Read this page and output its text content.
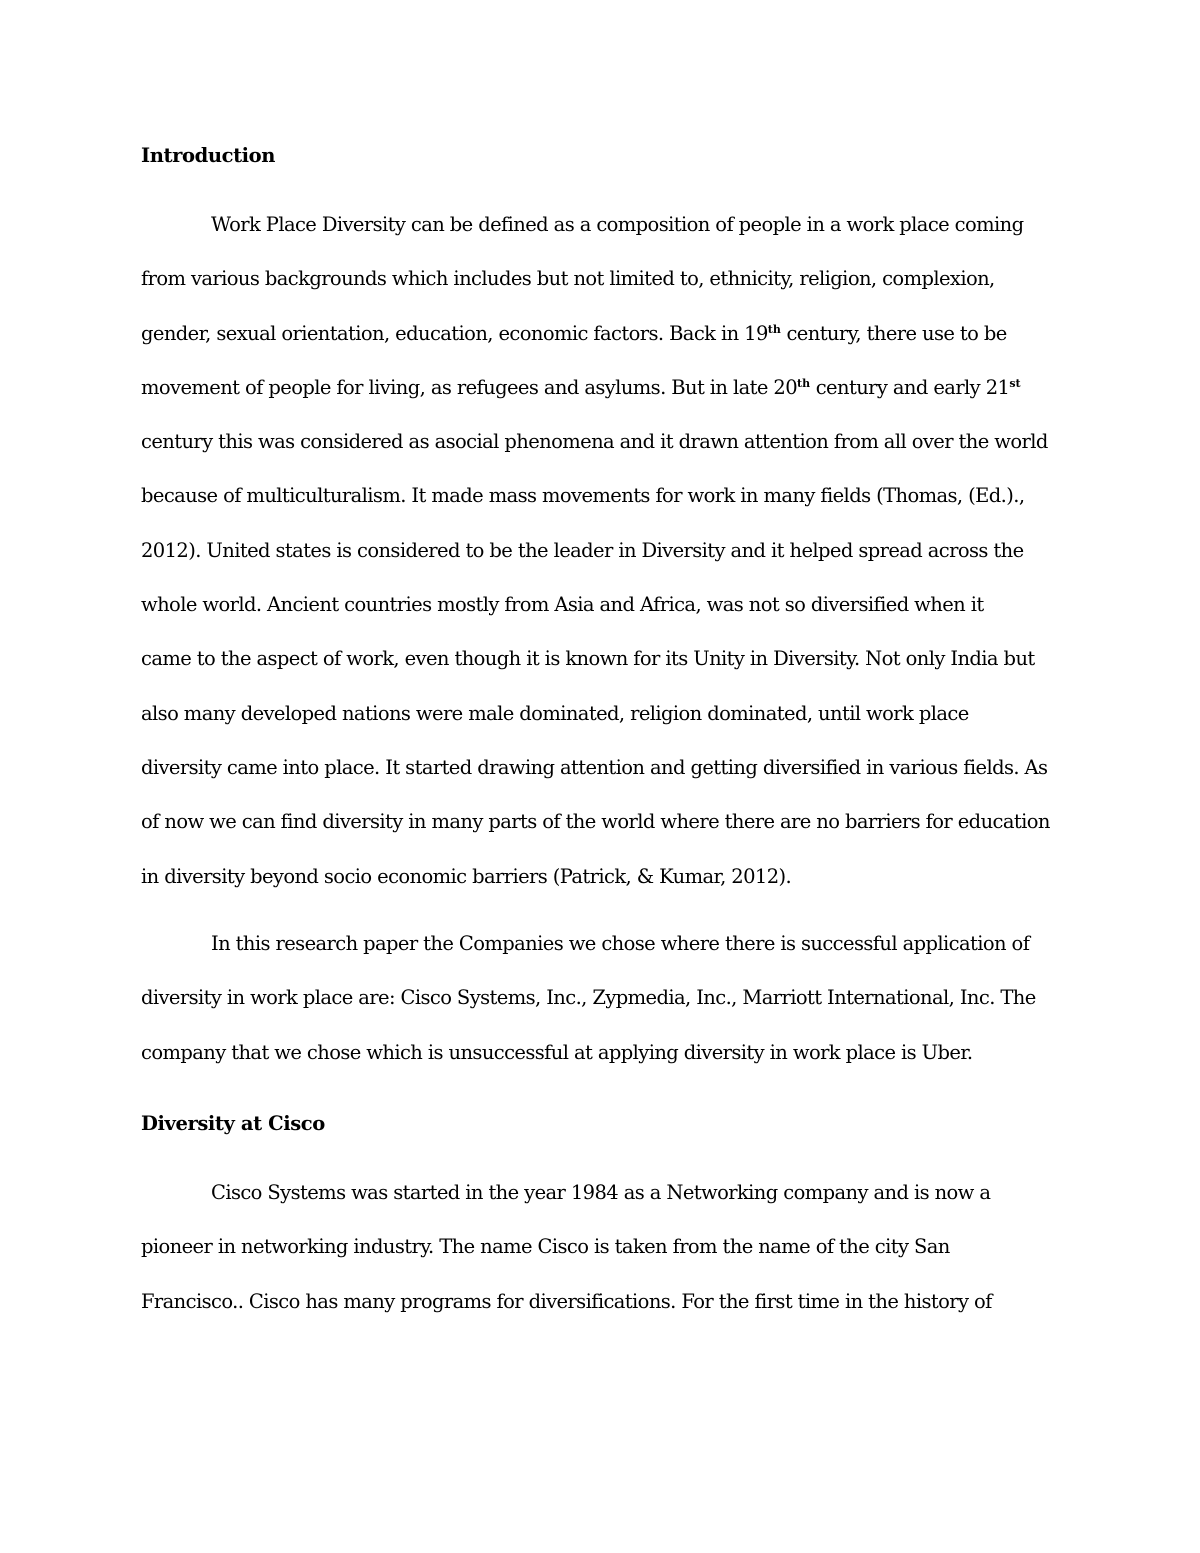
Introduction
Work Place Diversity can be defined as a composition of people in a work place coming
from various backgrounds which includes but not limited to, ethnicity, religion, complexion,
gender, sexual orientation, education, economic factors. Back in 19th century, there use to be
movement of people for living, as refugees and asylums. But in late 20th century and early 21st
century this was considered as asocial phenomena and it drawn attention from all over the world
because of multiculturalism. It made mass movements for work in many fields (Thomas, (Ed.).,
2012). United states is considered to be the leader in Diversity and it helped spread across the
whole world. Ancient countries mostly from Asia and Africa, was not so diversified when it
came to the aspect of work, even though it is known for its Unity in Diversity. Not only India but
also many developed nations were male dominated, religion dominated, until work place
diversity came into place. It started drawing attention and getting diversified in various fields. As
of now we can find diversity in many parts of the world where there are no barriers for education
in diversity beyond socio economic barriers (Patrick, & Kumar, 2012).
In this research paper the Companies we chose where there is successful application of
diversity in work place are: Cisco Systems, Inc., Zypmedia, Inc., Marriott International, Inc. The
company that we chose which is unsuccessful at applying diversity in work place is Uber.
Diversity at Cisco
Cisco Systems was started in the year 1984 as a Networking company and is now a
pioneer in networking industry. The name Cisco is taken from the name of the city San
Francisco.. Cisco has many programs for diversifications. For the first time in the history of
